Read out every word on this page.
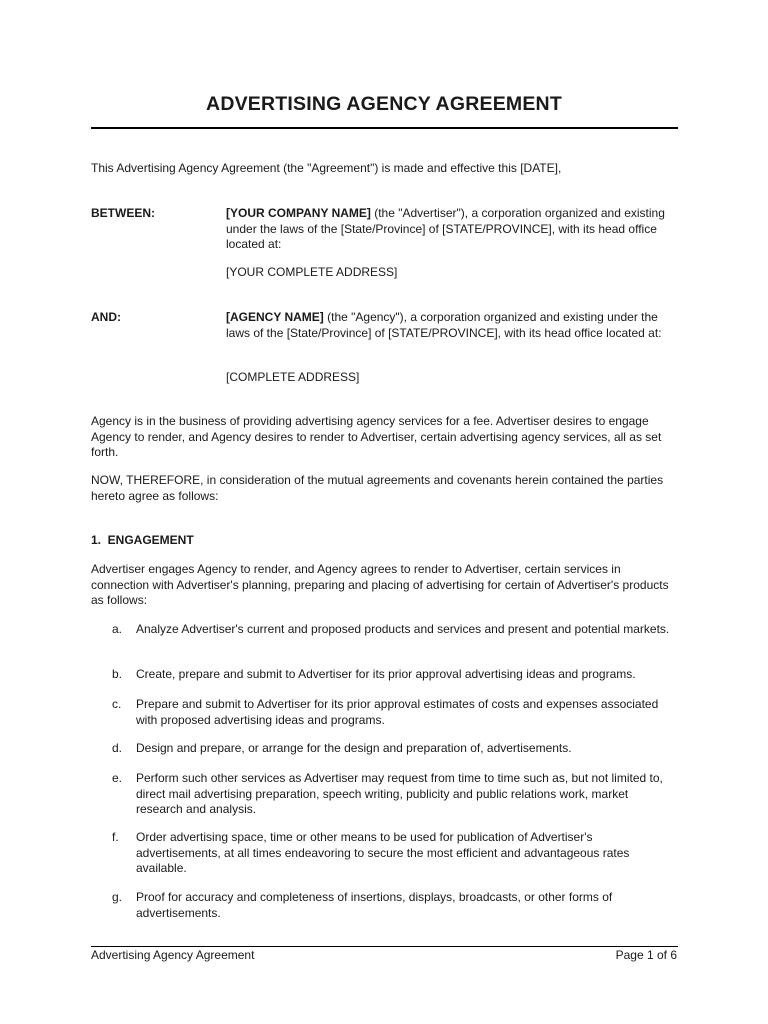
ADVERTISING AGENCY AGREEMENT
This Advertising Agency Agreement (the "Agreement") is made and effective this [DATE],
BETWEEN:	[YOUR COMPANY NAME] (the "Advertiser"), a corporation organized and existing under the laws of the [State/Province] of [STATE/PROVINCE], with its head office located at:
[YOUR COMPLETE ADDRESS]
AND:	[AGENCY NAME] (the "Agency"), a corporation organized and existing under the laws of the [State/Province] of [STATE/PROVINCE], with its head office located at:
[COMPLETE ADDRESS]
Agency is in the business of providing advertising agency services for a fee. Advertiser desires to engage Agency to render, and Agency desires to render to Advertiser, certain advertising agency services, all as set forth.
NOW, THEREFORE, in consideration of the mutual agreements and covenants herein contained the parties hereto agree as follows:
1.  ENGAGEMENT
Advertiser engages Agency to render, and Agency agrees to render to Advertiser, certain services in connection with Advertiser's planning, preparing and placing of advertising for certain of Advertiser's products as follows:
a.	Analyze Advertiser's current and proposed products and services and present and potential markets.
b.	Create, prepare and submit to Advertiser for its prior approval advertising ideas and programs.
c.	Prepare and submit to Advertiser for its prior approval estimates of costs and expenses associated with proposed advertising ideas and programs.
d.	Design and prepare, or arrange for the design and preparation of, advertisements.
e.	Perform such other services as Advertiser may request from time to time such as, but not limited to, direct mail advertising preparation, speech writing, publicity and public relations work, market research and analysis.
f.	Order advertising space, time or other means to be used for publication of Advertiser's advertisements, at all times endeavoring to secure the most efficient and advantageous rates available.
g.	Proof for accuracy and completeness of insertions, displays, broadcasts, or other forms of advertisements.
Advertising Agency Agreement	Page 1 of 6
